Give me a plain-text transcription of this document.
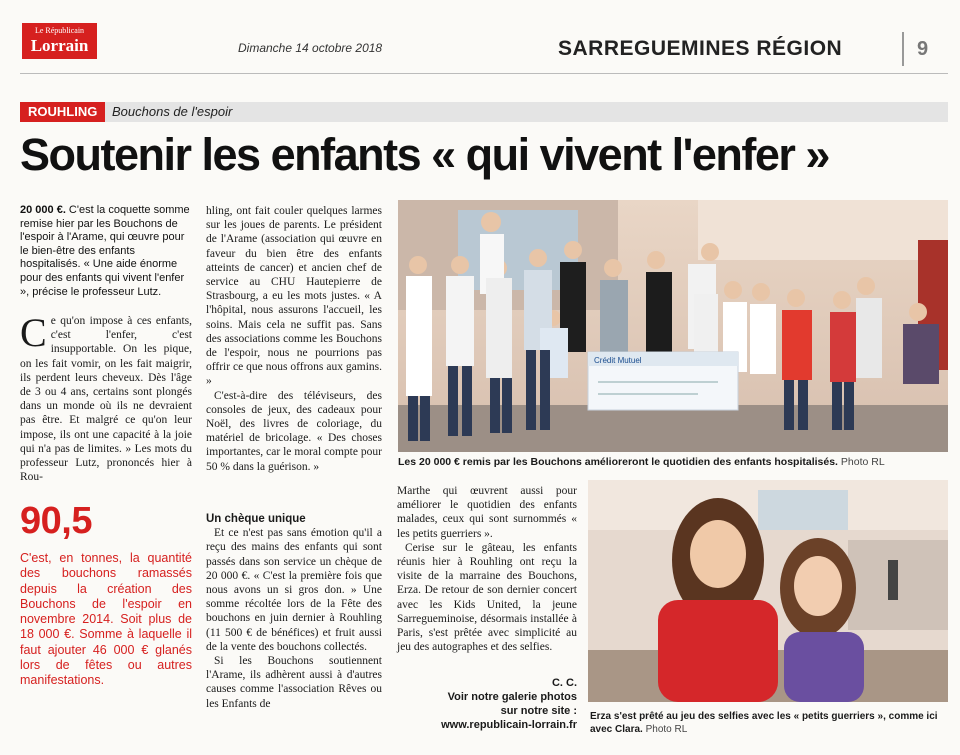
Le Républicain
Lorrain	Dimanche 14 octobre 2018	SARREGUEMINES RÉGION	9
ROUHLING	Bouchons de l'espoir
Soutenir les enfants « qui vivent l'enfer »
20 000 €. C'est la coquette somme remise hier par les Bouchons de l'espoir à l'Arame, qui œuvre pour le bien-être des enfants hospitalisés. « Une aide énorme pour des enfants qui vivent l'enfer », précise le professeur Lutz.
Ce qu'on impose à ces enfants, c'est l'enfer, c'est insupportable. On les pique, on les fait vomir, on les fait maigrir, ils perdent leurs cheveux. Dès l'âge de 3 ou 4 ans, certains sont plongés dans un monde où ils ne devraient pas être. Et malgré ce qu'on leur impose, ils ont une capacité à la joie qui n'a pas de limites. » Les mots du professeur Lutz, prononcés hier à Rou-
90,5
C'est, en tonnes, la quantité des bouchons ramassés depuis la création des Bouchons de l'espoir en novembre 2014. Soit plus de 18 000 €. Somme à laquelle il faut ajouter 46 000 € glanés lors de fêtes ou autres manifestations.

hling, ont fait couler quelques larmes sur les joues de parents. Le président de l'Arame (association qui œuvre en faveur du bien être des enfants atteints de cancer) et ancien chef de service au CHU Hautepierre de Strasbourg, a eu les mots justes. « A l'hôpital, nous assurons l'accueil, les soins. Mais cela ne suffit pas. Sans des associations comme les Bouchons de l'espoir, nous ne pourrions pas offrir ce que nous offrons aux gamins. »

C'est-à-dire des téléviseurs, des consoles de jeux, des cadeaux pour Noël, des livres de coloriage, du matériel de bricolage. « Des choses importantes, car le moral compte pour 50 % dans la guérison. »

Un chèque unique

Et ce n'est pas sans émotion qu'il a reçu des mains des enfants qui sont passés dans son service un chèque de 20 000 €. « C'est la première fois que nous avons un si gros don. » Une somme récoltée lors de la Fête des bouchons en juin dernier à Rouhling (11 500 € de bénéfices) et fruit aussi de la vente des bouchons collectés.

Si les Bouchons soutiennent l'Arame, ils adhèrent aussi à d'autres causes comme l'association Rêves ou les Enfants de

Marthe qui œuvrent aussi pour améliorer le quotidien des enfants malades, ceux qui sont surnommés « les petits guerriers ».

Cerise sur le gâteau, les enfants réunis hier à Rouhling ont reçu la visite de la marraine des Bouchons, Erza. De retour de son dernier concert avec les Kids United, la jeune Sarregueminoise, désormais installée à Paris, s'est prêtée avec simplicité au jeu des autographes et des selfies.

C. C.
Voir notre galerie photos
sur notre site :
www.republicain-lorrain.fr
Crédit Mutuel
Les 20 000 € remis par les Bouchons amélioreront le quotidien des enfants hospitalisés. Photo RL
Erza s'est prêté au jeu des selfies avec les « petits guerriers », comme ici avec Clara. Photo RL
